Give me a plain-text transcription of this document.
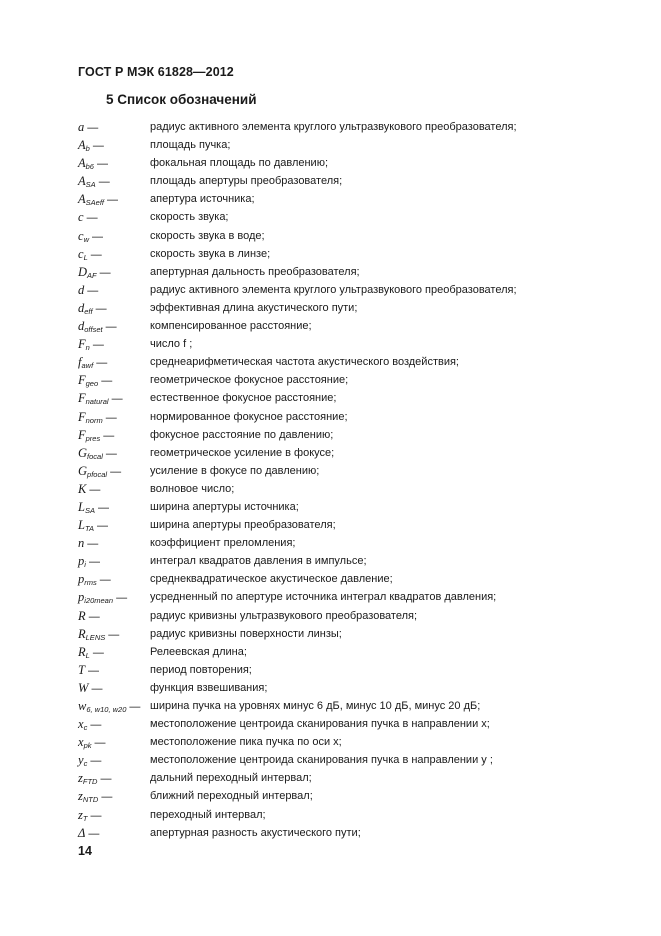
ГОСТ Р МЭК 61828—2012
5 Список обозначений
a —	радиус активного элемента круглого ультразвукового преобразователя;
$A_b$ —	площадь пучка;
$A_{b6}$ —	фокальная площадь по давлению;
$A_{SA}$ —	площадь апертуры преобразователя;
$A_{SAeff}$ —	апертура источника;
c —	скорость звука;
$c_w$ —	скорость звука в воде;
$c_L$ —	скорость звука в линзе;
$D_{AF}$ —	апертурная дальность преобразователя;
d —	радиус активного элемента круглого ультразвукового преобразователя;
$d_{eff}$ —	эффективная длина акустического пути;
$d_{offset}$ —	компенсированное расстояние;
$F_n$ —	число f ;
$f_{awf}$ —	среднеарифметическая частота акустического воздействия;
$F_{geo}$ —	геометрическое фокусное расстояние;
$F_{natural}$ — естественное фокусное расстояние;
$F_{norm}$ —	нормированное фокусное расстояние;
$F_{pres}$ —	фокусное расстояние по давлению;
$G_{focal}$ —	геометрическое усиление в фокусе;
$G_{pfocal}$ —	усиление в фокусе по давлению;
K —	волновое число;
$L_{SA}$ —	ширина апертуры источника;
$L_{TA}$ —	ширина апертуры преобразователя;
n —	коэффициент преломления;
$p_i$ —	интеграл квадратов давления в импульсе;
$p_{rms}$ —	среднеквадратическое акустическое давление;
$p_{i20mean}$ — усредненный по апертуре источника интеграл квадратов давления;
R —	радиус кривизны ультразвукового преобразователя;
$R_{LENS}$ —	радиус кривизны поверхности линзы;
$R_L$ —	Релеевская длина;
T —	период повторения;
W —	функция взвешивания;
$w_{6, w10, w20}$ — ширина пучка на уровнях минус 6 дБ, минус 10 дБ, минус 20 дБ;
$x_c$ —	местоположение центроида сканирования пучка в направлении x;
$x_{pk}$ —	местоположение пика пучка по оси x;
$y_c$ —	местоположение центроида сканирования пучка в направлении y ;
$z_{FTD}$ —	дальний переходный интервал;
$z_{NTD}$ —	ближний переходный интервал;
$z_T$ —	переходный интервал;
Δ —	апертурная разность акустического пути;
14
